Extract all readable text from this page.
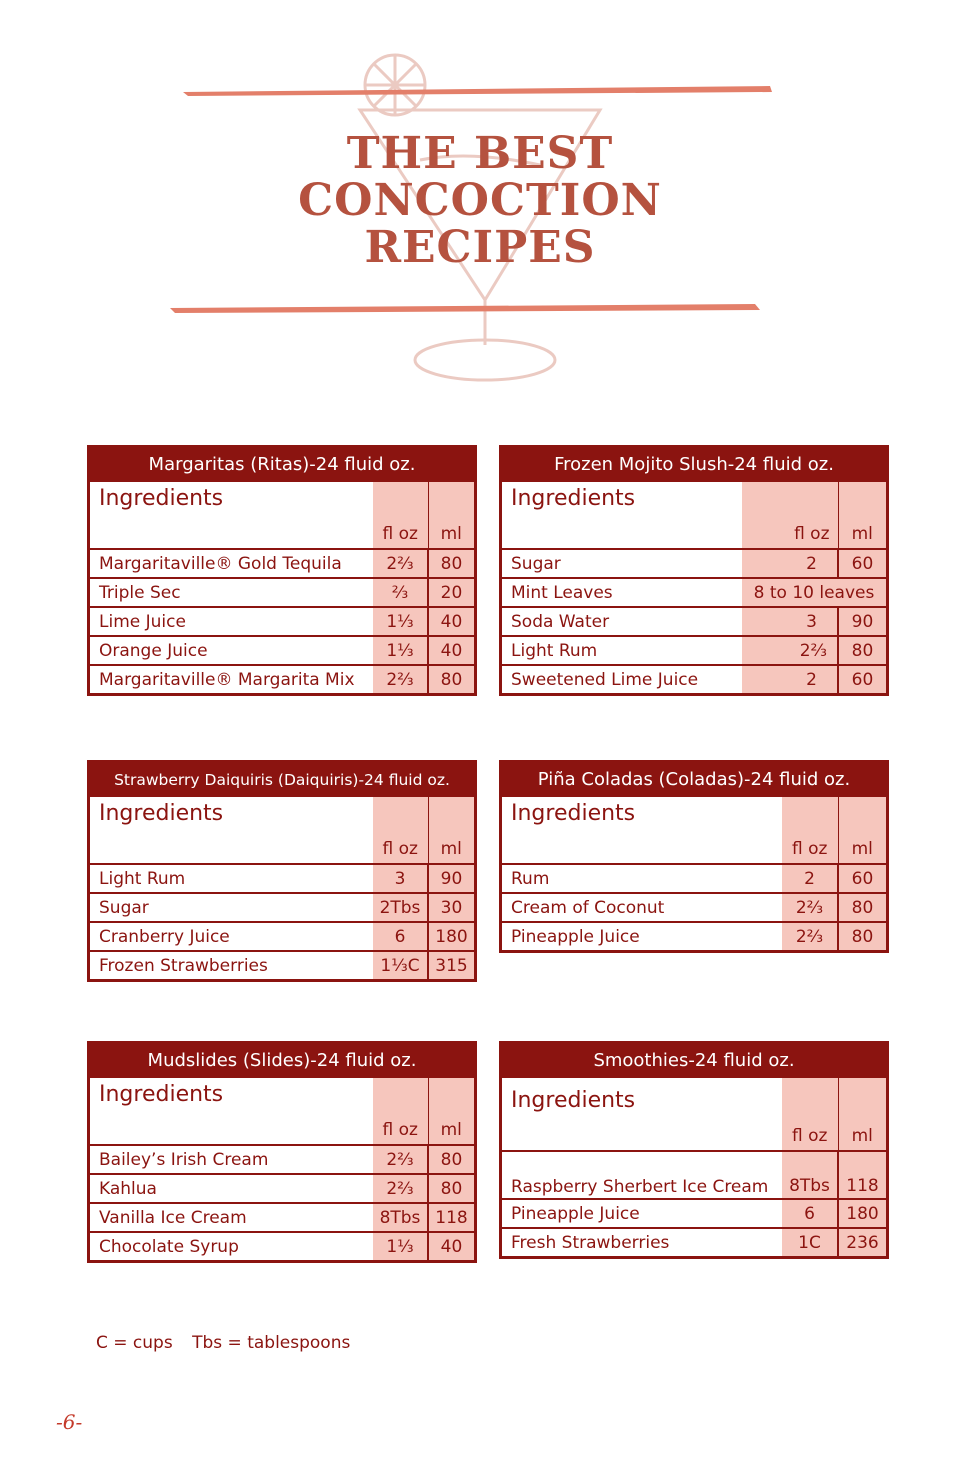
THE BEST
CONCOCTION
RECIPES
Margaritas (Ritas)-24 fluid oz.
Ingredients	fl oz	ml
Margaritaville® Gold Tequila	2⅔	80
Triple Sec	⅔	20
Lime Juice	1⅓	40
Orange Juice	1⅓	40
Margaritaville® Margarita Mix	2⅔	80
Frozen Mojito Slush-24 fluid oz.
Ingredients	fl oz	ml
Sugar	2	60
Mint Leaves	8 to 10 leaves	
Soda Water	3	90
Light Rum	2⅔	80
Sweetened Lime Juice	2	60
Strawberry Daiquiris (Daiquiris)-24 fluid oz.
Ingredients	fl oz	ml
Light Rum	3	90
Sugar	2Tbs	30
Cranberry Juice	6	180
Frozen Strawberries	1⅓C	315
Piña Coladas (Coladas)-24 fluid oz.
Ingredients	fl oz	ml
Rum	2	60
Cream of Coconut	2⅔	80
Pineapple Juice	2⅔	80
Mudslides (Slides)-24 fluid oz.
Ingredients	fl oz	ml
Bailey’s Irish Cream	2⅔	80
Kahlua	2⅔	80
Vanilla Ice Cream	8Tbs	118
Chocolate Syrup	1⅓	40
Smoothies-24 fluid oz.
Ingredients	fl oz	ml
Raspberry Sherbert Ice Cream	8Tbs	118
Pineapple Juice	6	180
Fresh Strawberries	1C	236
C = cups Tbs = tablespoons
-6-
